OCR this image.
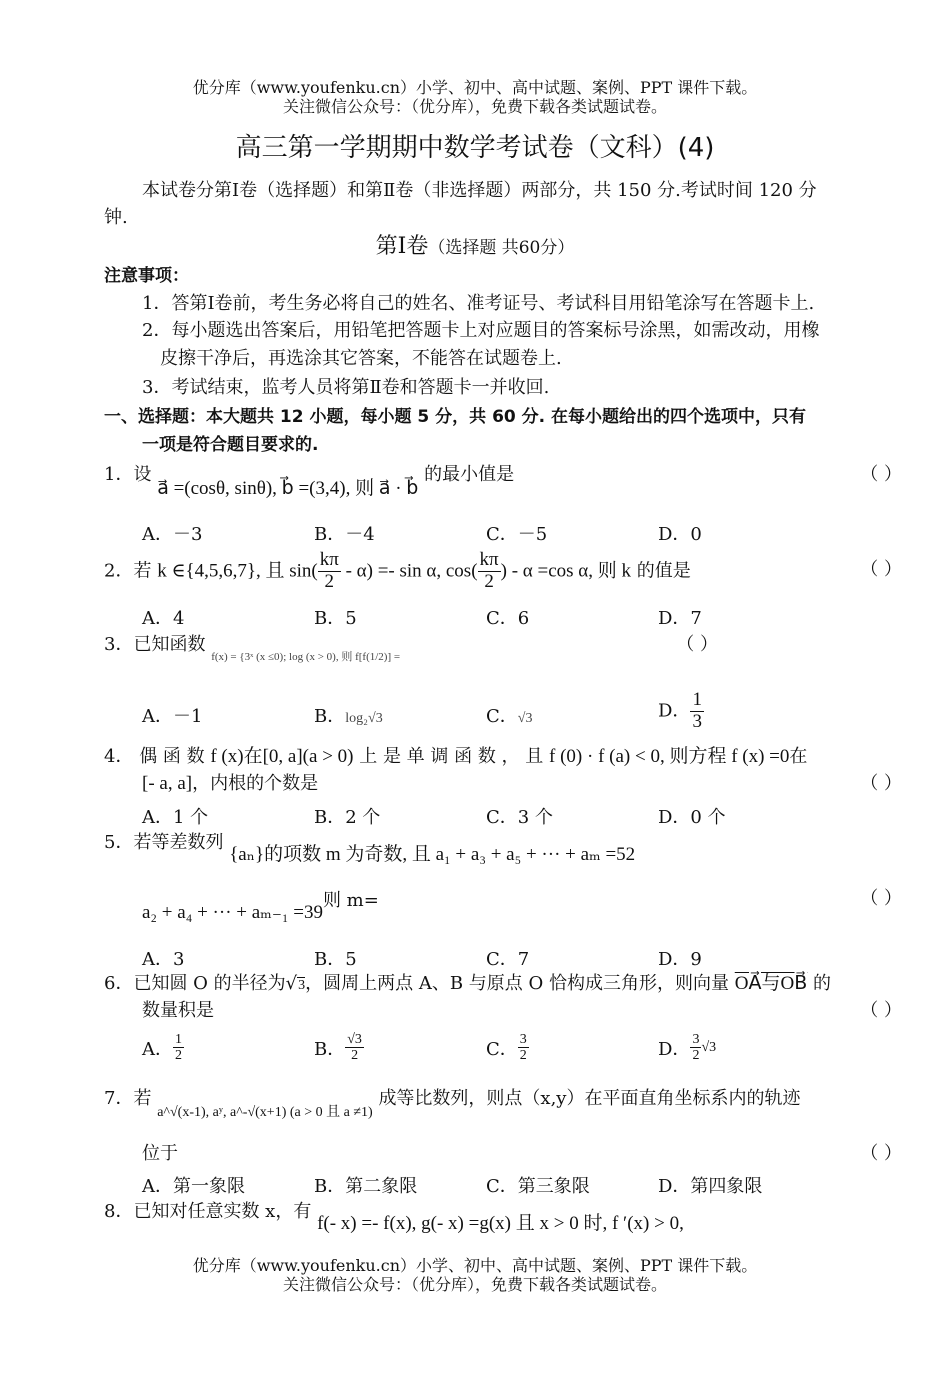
优分库（www.youfenku.cn）小学、初中、高中试题、案例、PPT 课件下载。
关注微信公众号：（优分库），免费下载各类试题试卷。
高三第一学期期中数学考试卷（文科）(4)
本试卷分第Ⅰ卷（选择题）和第Ⅱ卷（非选择题）两部分，共 150 分.考试时间 120 分
钟.
第Ⅰ卷（选择题 共60分）
注意事项：
1．答第Ⅰ卷前，考生务必将自己的姓名、准考证号、考试科目用铅笔涂写在答题卡上.
2．每小题选出答案后，用铅笔把答题卡上对应题目的答案标号涂黑，如需改动，用橡
皮擦干净后，再选涂其它答案，不能答在试题卷上.
3．考试结束，监考人员将第Ⅱ卷和答题卡一并收回.
一、选择题：本大题共 12 小题，每小题 5 分，共 60 分. 在每小题给出的四个选项中，只有
一项是符合题目要求的.
1．设 a⃗ =(cosθ, sinθ), b⃗ =(3,4), 则 a⃗ · b⃗ 的最小值是	（ ）
A．－3	B．－4	C．－5	D．0
2．若 k ∈{4,5,6,7}, 且 $\sin( \frac{k\pi}{2} - \alpha) =- \sin \alpha$, $\cos( \frac{k\pi}{2}$ ) - α =cos α, 则 k 的值是	（ ）
A．4	B．5	C．6	D．7
3．已知函数 $_{f(x) = \{3ˣ (x \le 0); log (x > 0), 则 f[f(1/2)] =}$
（ ）
A．－1	B．log₂√3	C．√3	D． $\frac{1}{3}$
4． 偶 函 数 f (x)在[0, a](a > 0) 上 是 单 调 函 数 ， 且 f (0) · f (a) < 0, 则方程 f (x) =0在
[- a, a]，内根的个数是	（ ）
A．1 个	B．2 个	C．3 个	D．0 个
5．若等差数列 {aₙ}的项数 m 为奇数, 且 a₁ + a₃ + a₅ + ··· + aₘ =52
a₂ + a₄ + ··· + aₘ₋₁ =39则 m=	（ ）
A．3	B．5	C．7	D．9
6．已知圆 O 的半径为√3，圆周上两点 A、B 与原点 O 恰构成三角形，则向量 OA⃗与OB⃗ 的
数量积是	（ ）
A． $\frac{1}{2}$	B． $\frac{√3}{2}$	C． $\frac{3}{2}$	D． $\frac{3}{2} √3$
7．若 $_{a\^{}√(x-1), aʸ, a\^{}-√(x+1) (a > 0 且 a \ne 1)}$ 成等比数列，则点（x,y）在平面直角坐标系内的轨迹
位于	（ ）
A．第一象限	B．第二象限	C．第三象限	D．第四象限
8．已知对任意实数 x，有 f(- x) =- f(x), g(- x) =g(x) 且 x > 0 时, f ′(x) > 0,
优分库（www.youfenku.cn）小学、初中、高中试题、案例、PPT 课件下载。
关注微信公众号：（优分库），免费下载各类试题试卷。
